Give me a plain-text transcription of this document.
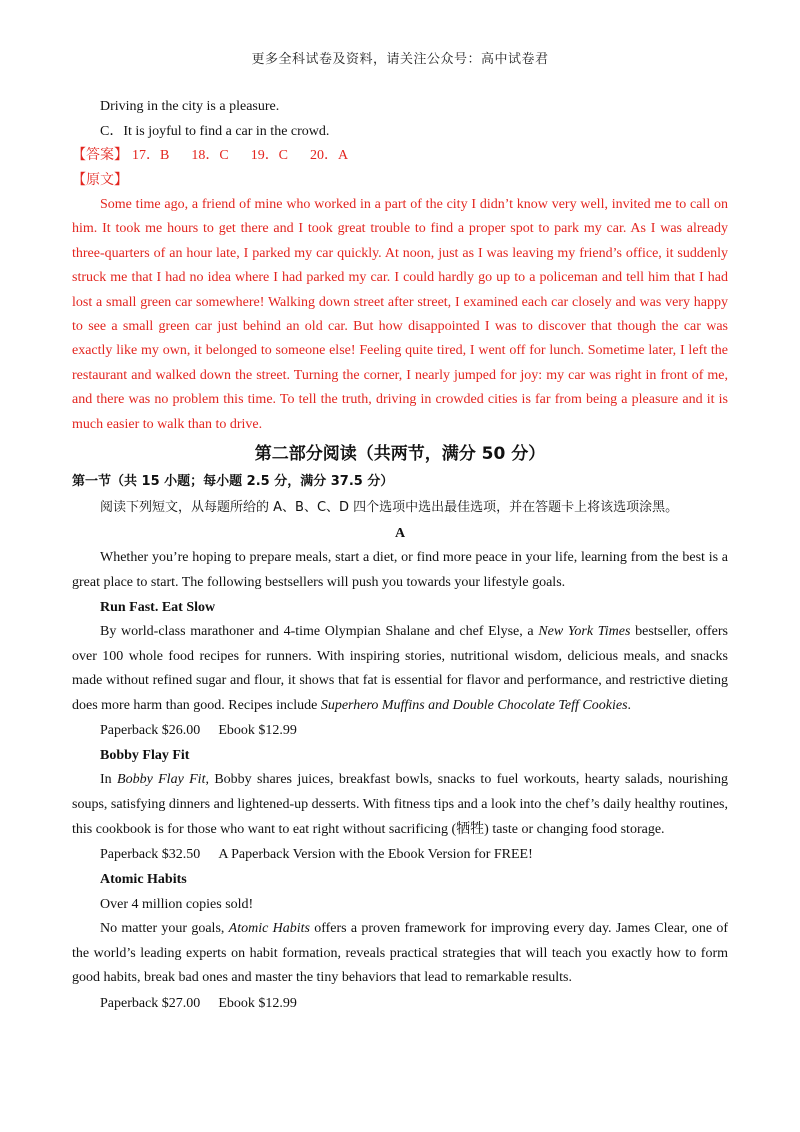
更多全科试卷及资料，请关注公众号：高中试卷君
Driving in the city is a pleasure.
C．It is joyful to find a car in the crowd.
【答案】 17．B 18．C 19．C 20．A
【原文】
Some time ago, a friend of mine who worked in a part of the city I didn’t know very well, invited me to call on him. It took me hours to get there and I took great trouble to find a proper spot to park my car. As I was already three-quarters of an hour late, I parked my car quickly. At noon, just as I was leaving my friend’s office, it suddenly struck me that I had no idea where I had parked my car. I could hardly go up to a policeman and tell him that I had lost a small green car somewhere! Walking down street after street, I examined each car closely and was very happy to see a small green car just behind an old car. But how disappointed I was to discover that though the car was exactly like my own, it belonged to someone else! Feeling quite tired, I went off for lunch. Sometime later, I left the restaurant and walked down the street. Turning the corner, I nearly jumped for joy: my car was right in front of me, and there was no problem this time. To tell the truth, driving in crowded cities is far from being a pleasure and it is much easier to walk than to drive.
第二部分阅读（共两节，满分 50 分）
第一节（共 15 小题；每小题 2.5 分，满分 37.5 分）
阅读下列短文，从每题所给的 A、B、C、D 四个选项中选出最佳选项，并在答题卡上将该选项涂黑。
A
Whether you’re hoping to prepare meals, start a diet, or find more peace in your life, learning from the best is a great place to start. The following bestsellers will push you towards your lifestyle goals.
Run Fast. Eat Slow
By world-class marathoner and 4-time Olympian Shalane and chef Elyse, a New York Times bestseller, offers over 100 whole food recipes for runners. With inspiring stories, nutritional wisdom, delicious meals, and snacks made without refined sugar and flour, it shows that fat is essential for flavor and performance, and restrictive dieting does more harm than good. Recipes include Superhero Muffins and Double Chocolate Teff Cookies.
Paperback $26.00 Ebook $12.99
Bobby Flay Fit
In Bobby Flay Fit, Bobby shares juices, breakfast bowls, snacks to fuel workouts, hearty salads, nourishing soups, satisfying dinners and lightened-up desserts. With fitness tips and a look into the chef’s daily healthy routines, this cookbook is for those who want to eat right without sacrificing (牺牲) taste or changing food storage.
Paperback $32.50 A Paperback Version with the Ebook Version for FREE!
Atomic Habits
Over 4 million copies sold!
No matter your goals, Atomic Habits offers a proven framework for improving every day. James Clear, one of the world’s leading experts on habit formation, reveals practical strategies that will teach you exactly how to form good habits, break bad ones and master the tiny behaviors that lead to remarkable results.
Paperback $27.00 Ebook $12.99
